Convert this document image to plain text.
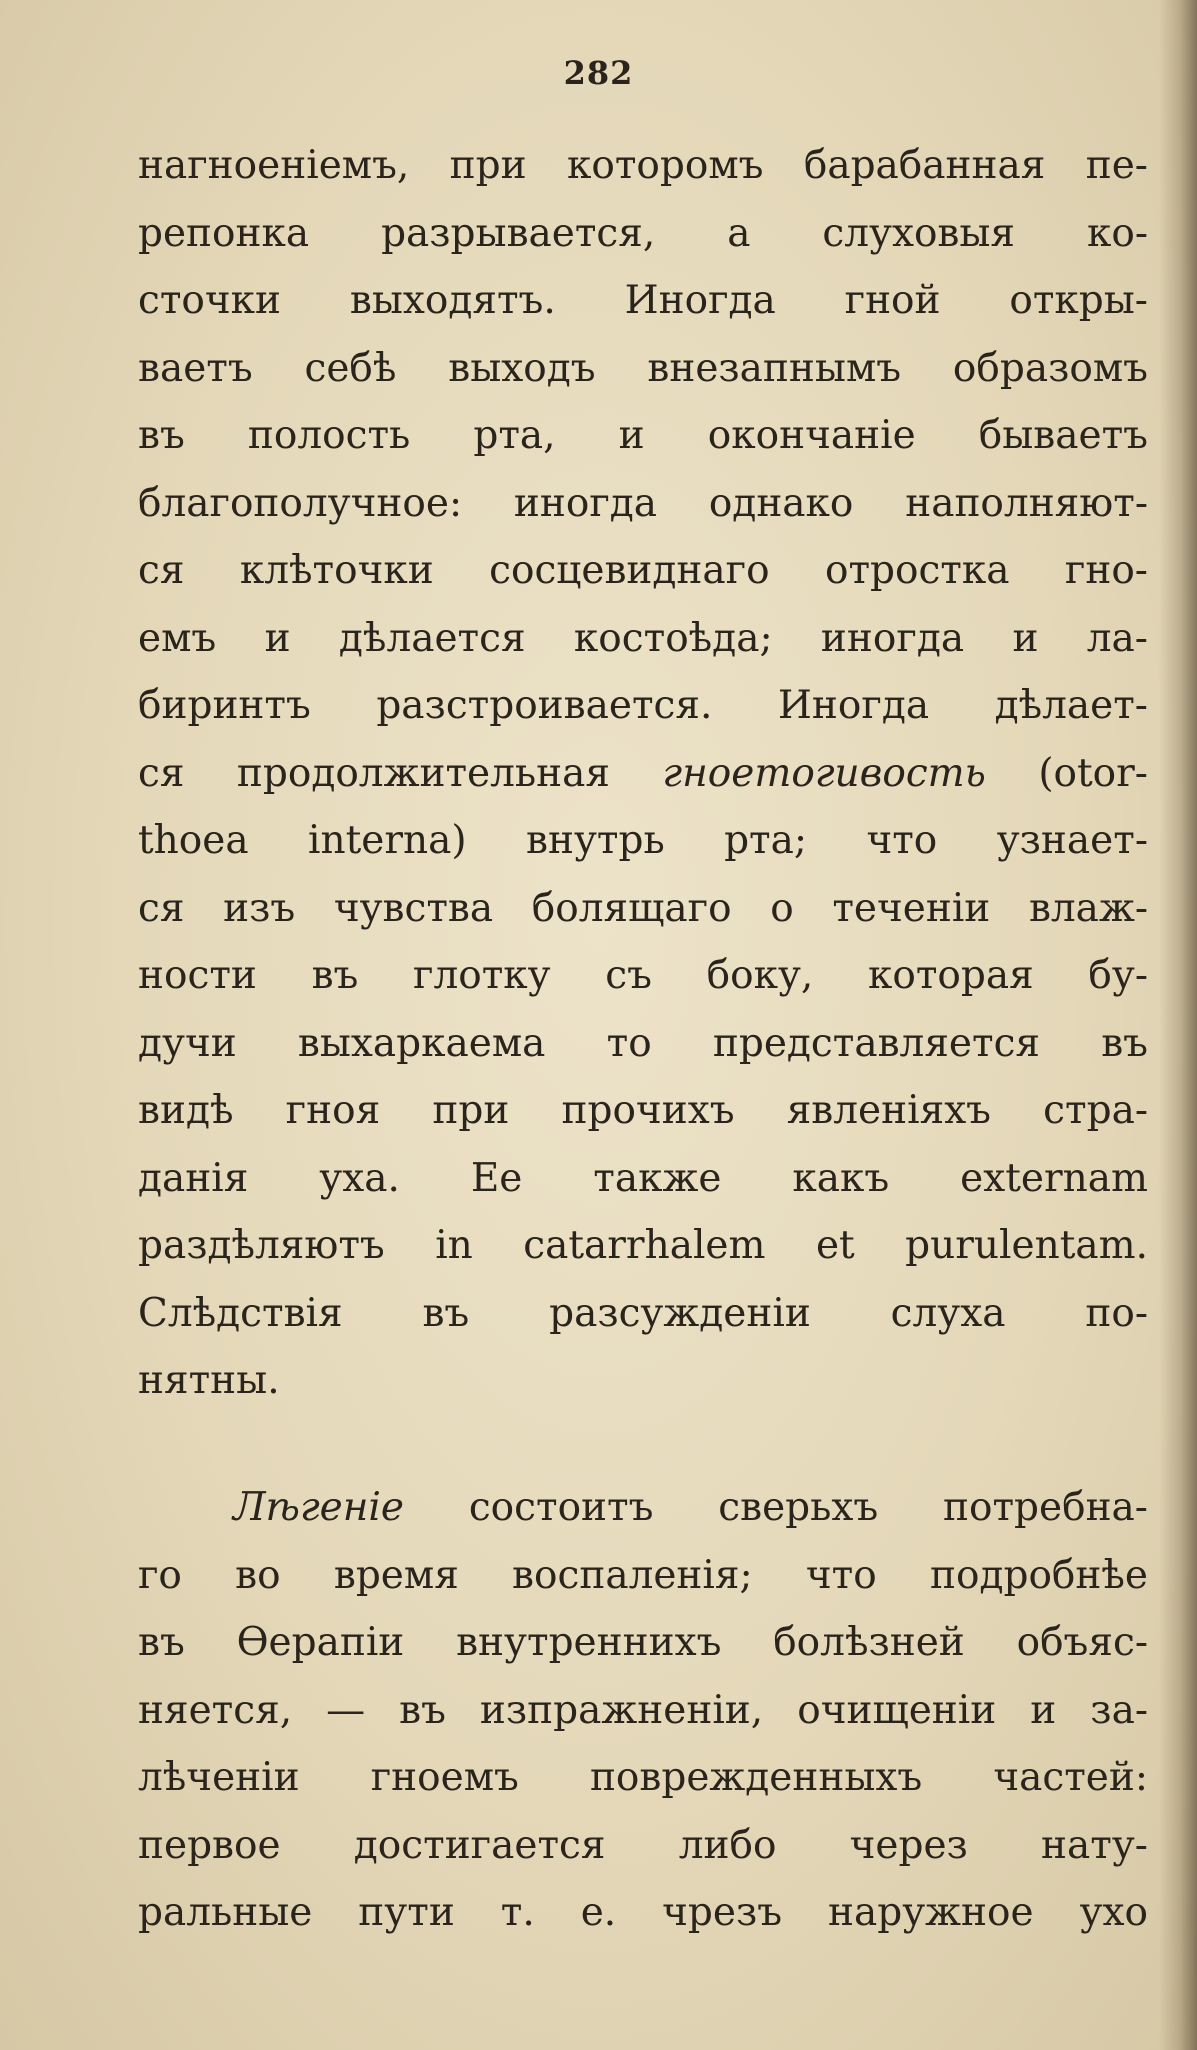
282
нагноенiемъ, при которомъ барабанная пе-
репонка разрывается, а слуховыя ко-
сточки выходятъ. Иногда гной откры-
ваетъ себѣ выходъ внезапнымъ образомъ
въ полость рта, и окончанiе бываетъ
благополучное: иногда однако наполняют-
ся клѣточки сосцевиднаго отростка гно-
емъ и дѣлается костоѣда; иногда и ла-
биринтъ разстроивается. Иногда дѣлает-
ся продолжительная гноетогивость (otor-
thoea interna) внутрь рта; что узнает-
ся изъ чувства болящаго о теченiи влаж-
ности въ глотку съ боку, которая бу-
дучи выхаркаема то представляется въ
видѣ гноя при прочихъ явленiяхъ стра-
данiя уха. Ее также какъ externam
раздѣляютъ in catarrhalem et purulentam.
Слѣдствiя въ разсужденiи слуха по-
нятны.
Лѣгенiе состоитъ сверьхъ потребна-
го во время воспаленiя; что подробнѣе
въ Ѳерапiи внутреннихъ болѣзней объяс-
няется, — въ изпражненiи, очищенiи и за-
лѣченiи гноемъ поврежденныхъ частей:
первое достигается либо через нату-
ральные пути т. е. чрезъ наружное ухо
